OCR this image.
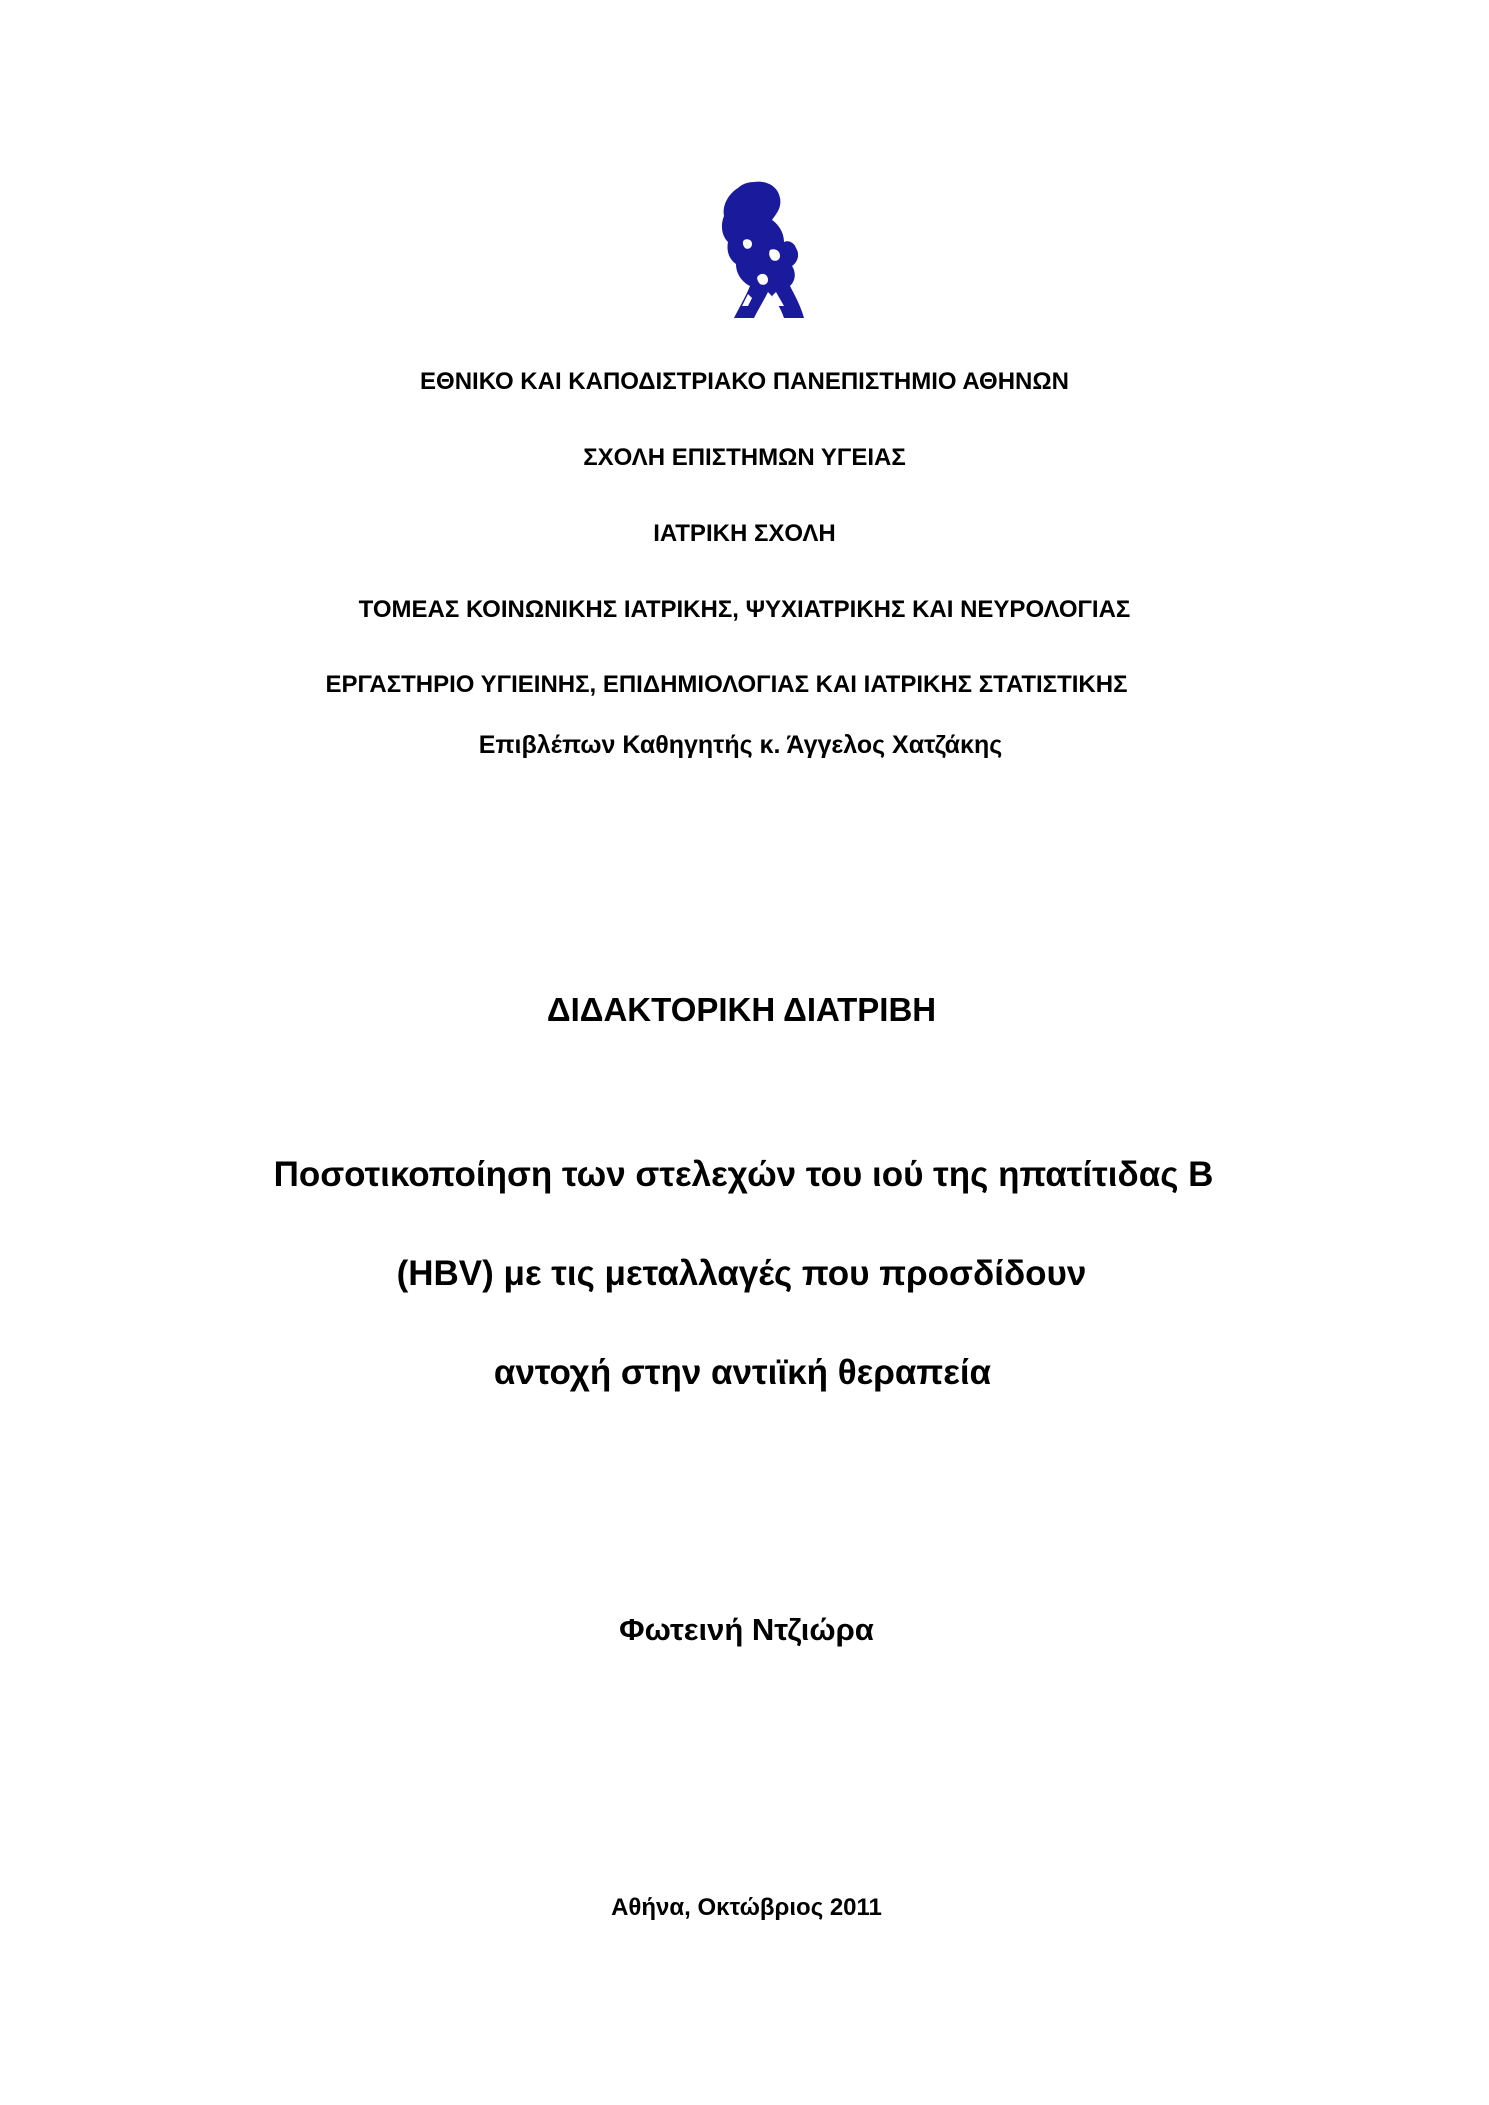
ΕΘΝΙΚΟ ΚΑΙ ΚΑΠΟΔΙΣΤΡΙΑΚΟ ΠΑΝΕΠΙΣΤΗΜΙΟ ΑΘΗΝΩΝ
ΣΧΟΛΗ ΕΠΙΣΤΗΜΩΝ ΥΓΕΙΑΣ
ΙΑΤΡΙΚΗ ΣΧΟΛΗ
ΤΟΜΕΑΣ ΚΟΙΝΩΝΙΚΗΣ ΙΑΤΡΙΚΗΣ, ΨΥΧΙΑΤΡΙΚΗΣ ΚΑΙ ΝΕΥΡΟΛΟΓΙΑΣ
ΕΡΓΑΣΤΗΡΙΟ ΥΓΙΕΙΝΗΣ, ΕΠΙΔΗΜΙΟΛΟΓΙΑΣ ΚΑΙ ΙΑΤΡΙΚΗΣ ΣΤΑΤΙΣΤΙΚΗΣ
Επιβλέπων Καθηγητής κ. Άγγελος Χατζάκης
ΔΙΔΑΚΤΟΡΙΚΗ ΔΙΑΤΡΙΒΗ
Ποσοτικοποίηση των στελεχών του ιού της ηπατίτιδας Β
(HBV) με τις μεταλλαγές που προσδίδουν
αντοχή στην αντιϊκή θεραπεία
Φωτεινή Ντζιώρα
Αθήνα, Οκτώβριος 2011
